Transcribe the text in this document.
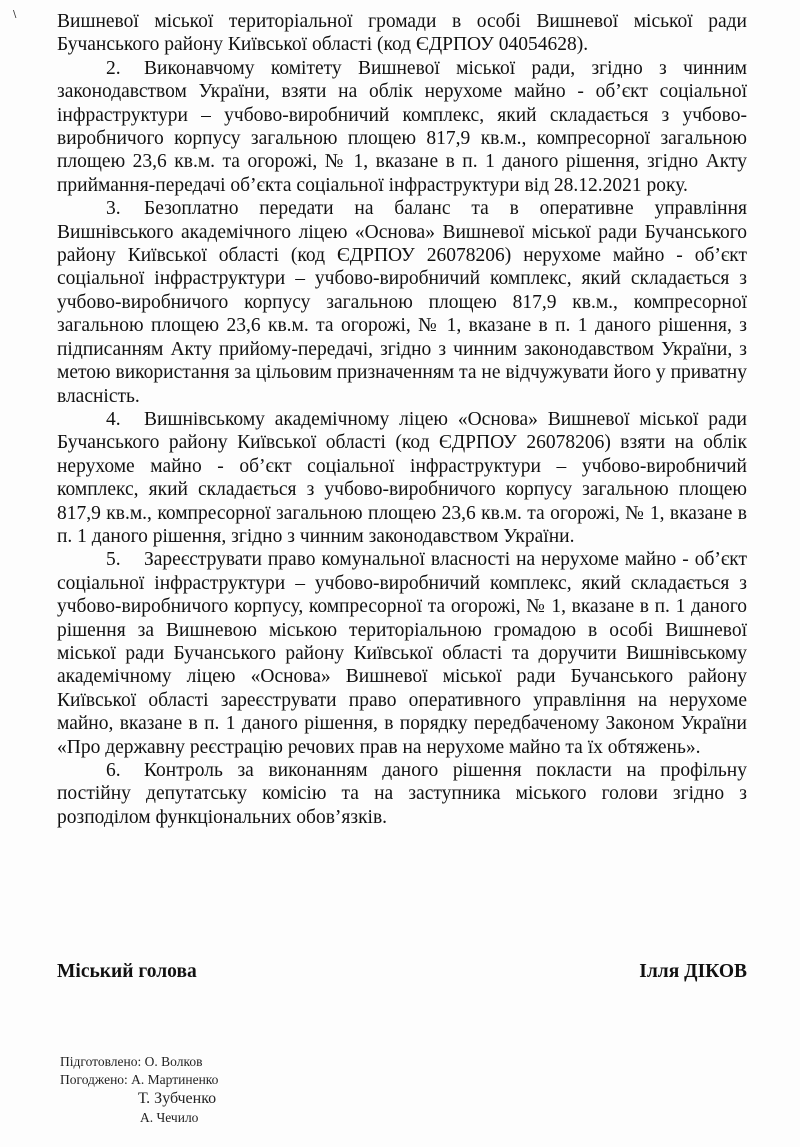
\ Вишневої міської територіальної громади в особі Вишневої міської ради Бучанського району Київської області (код ЄДРПОУ 04054628).

2. Виконавчому комітету Вишневої міської ради, згідно з чинним законодавством України, взяти на облік нерухоме майно - об’єкт соціальної інфраструктури – учбово-виробничий комплекс, який складається з учбово-виробничого корпусу загальною площею 817,9 кв.м., компресорної загальною площею 23,6 кв.м. та огорожі, № 1, вказане в п. 1 даного рішення, згідно Акту приймання-передачі об’єкта соціальної інфраструктури від 28.12.2021 року.

3. Безоплатно передати на баланс та в оперативне управління Вишнівського академічного ліцею «Основа» Вишневої міської ради Бучанського району Київської області (код ЄДРПОУ 26078206) нерухоме майно - об’єкт соціальної інфраструктури – учбово-виробничий комплекс, який складається з учбово-виробничого корпусу загальною площею 817,9 кв.м., компресорної загальною площею 23,6 кв.м. та огорожі, № 1, вказане в п. 1 даного рішення, з підписанням Акту прийому-передачі, згідно з чинним законодавством України, з метою використання за цільовим призначенням та не відчужувати його у приватну власність.

4. Вишнівському академічному ліцею «Основа» Вишневої міської ради Бучанського району Київської області (код ЄДРПОУ 26078206) взяти на облік нерухоме майно - об’єкт соціальної інфраструктури – учбово-виробничий комплекс, який складається з учбово-виробничого корпусу загальною площею 817,9 кв.м., компресорної загальною площею 23,6 кв.м. та огорожі, № 1, вказане в п. 1 даного рішення, згідно з чинним законодавством України.

5. Зареєструвати право комунальної власності на нерухоме майно - об’єкт соціальної інфраструктури – учбово-виробничий комплекс, який складається з учбово-виробничого корпусу, компресорної та огорожі, № 1, вказане в п. 1 даного рішення за Вишневою міською територіальною громадою в особі Вишневої міської ради Бучанського району Київської області та доручити Вишнівському академічному ліцею «Основа» Вишневої міської ради Бучанського району Київської області зареєструвати право оперативного управління на нерухоме майно, вказане в п. 1 даного рішення, в порядку передбаченому Законом України «Про державну реєстрацію речових прав на нерухоме майно та їх обтяжень».

6. Контроль за виконанням даного рішення покласти на профільну постійну депутатську комісію та на заступника міського голови згідно з розподілом функціональних обов’язків.

Міський голова	Ілля ДІКОВ
Підготовлено: О. Волков
Погоджено: А. Мартиненко
Т. Зубченко
А. Чечило
